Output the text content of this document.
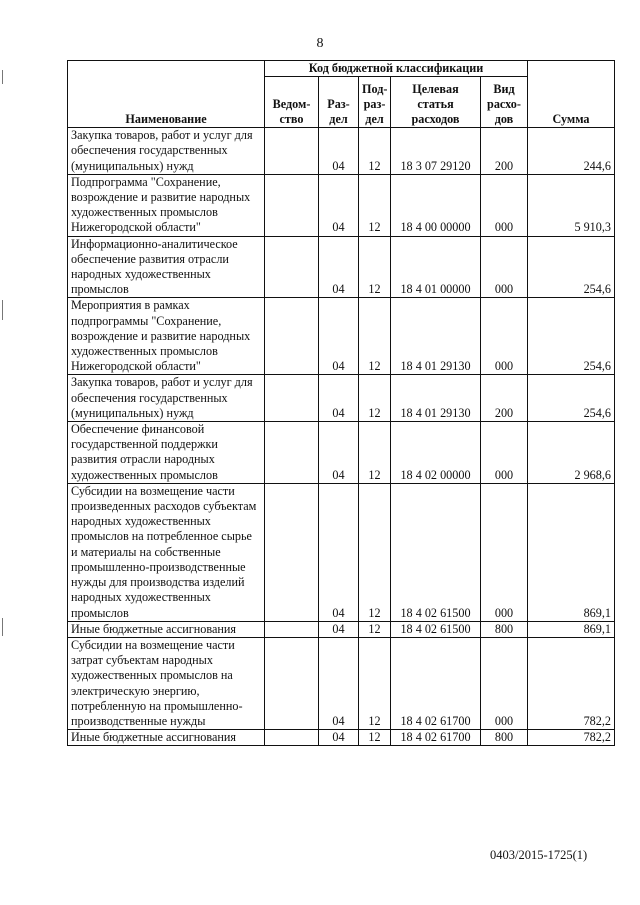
8
Наименование	Код бюджетной классификации					Сумма
	Ведом-ство	Раз-дел	Под-раз-дел	Целевая статья расходов	Вид расхо-дов	
Закупка товаров, работ и услуг для обеспечения государственных (муниципальных) нужд		04	12	18 3 07 29120	200	244,6
Подпрограмма "Сохранение, возрождение и развитие народных художественных промыслов Нижегородской области"		04	12	18 4 00 00000	000	5 910,3
Информационно-аналитическое обеспечение развития отрасли народных художественных промыслов		04	12	18 4 01 00000	000	254,6
Мероприятия в рамках подпрограммы "Сохранение, возрождение и развитие народных художественных промыслов Нижегородской области"		04	12	18 4 01 29130	000	254,6
Закупка товаров, работ и услуг для обеспечения государственных (муниципальных) нужд		04	12	18 4 01 29130	200	254,6
Обеспечение финансовой государственной поддержки развития отрасли народных художественных промыслов		04	12	18 4 02 00000	000	2 968,6
Субсидии на возмещение части произведенных расходов субъектам народных художественных промыслов на потребленное сырье и материалы на собственные промышленно-производственные нужды для производства изделий народных художественных промыслов		04	12	18 4 02 61500	000	869,1
Иные бюджетные ассигнования		04	12	18 4 02 61500	800	869,1
Субсидии на возмещение части затрат субъектам народных художественных промыслов на электрическую энергию, потребленную на промышленно-производственные нужды		04	12	18 4 02 61700	000	782,2
Иные бюджетные ассигнования		04	12	18 4 02 61700	800	782,2
0403/2015-1725(1)
